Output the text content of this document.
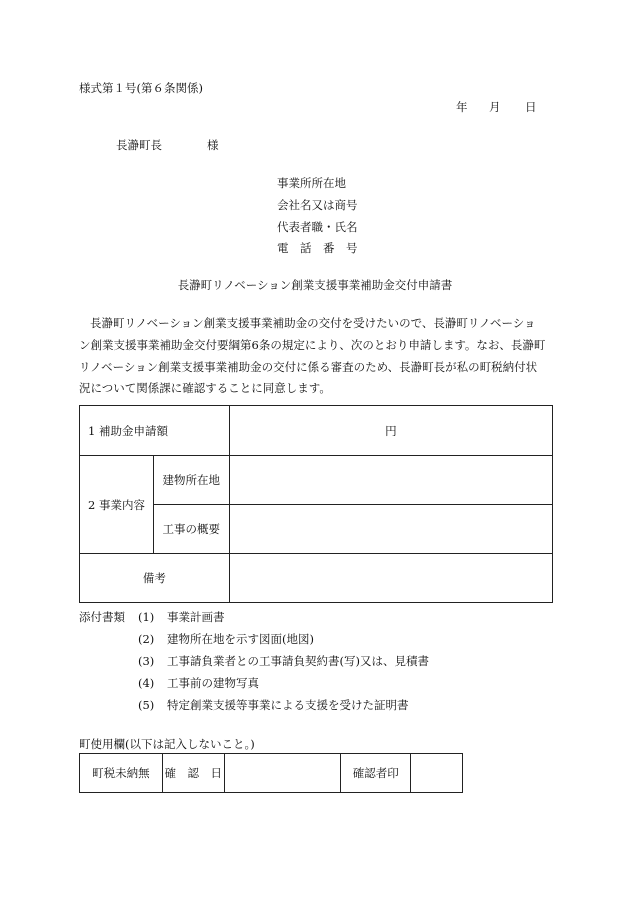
様式第１号(第６条関係)
年 月 日
長瀞町長	様
事業所所在地
会社名又は商号
代表者職・氏名
電　話　番　号
長瀞町リノベーション創業支援事業補助金交付申請書
長瀞町リノベーション創業支援事業補助金の交付を受けたいので、長瀞町リノベーショ
ン創業支援事業補助金交付要綱第6条の規定により、次のとおり申請します。なお、長瀞町
リノベーション創業支援事業補助金の交付に係る審査のため、長瀞町長が私の町税納付状
況について関係課に確認することに同意します。
1 補助金申請額		円
2 事業内容	建物所在地	
	工事の概要	
備考		
添付書類 (1) 事業計画書
(2) 建物所在地を示す図面(地図)
(3) 工事請負業者との工事請負契約書(写)又は、見積書
(4) 工事前の建物写真
(5) 特定創業支援等事業による支援を受けた証明書
町使用欄(以下は記入しないこと。)
町税未納無	確　認　日		確認者印	
